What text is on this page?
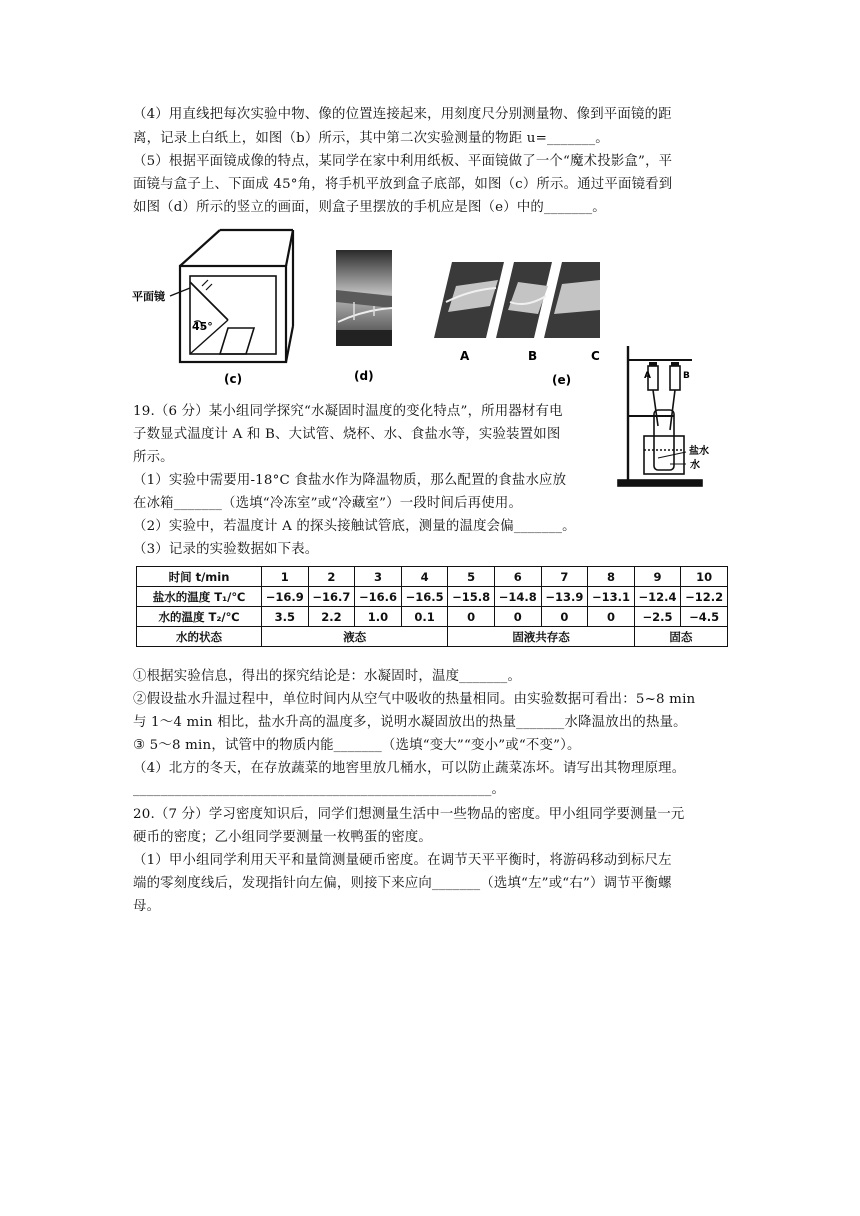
（4）用直线把每次实验中物、像的位置连接起来，用刻度尺分别测量物、像到平面镜的距
离，记录上白纸上，如图（b）所示，其中第二次实验测量的物距 u=_______。
（5）根据平面镜成像的特点，某同学在家中利用纸板、平面镜做了一个“魔术投影盒”，平
面镜与盒子上、下面成 45°角，将手机平放到盒子底部，如图（c）所示。通过平面镜看到
如图（d）所示的竖立的画面，则盒子里摆放的手机应是图（e）中的_______。
平面镜
45°
(c)	(d)
A	B	C
(e)	A	B
盐水
水
19.（6 分）某小组同学探究“水凝固时温度的变化特点”，所用器材有电
子数显式温度计 A 和 B、大试管、烧杯、水、食盐水等，实验装置如图
所示。
（1）实验中需要用-18°C 食盐水作为降温物质，那么配置的食盐水应放
在冰箱_______（选填“冷冻室”或“冷藏室”）一段时间后再使用。
（2）实验中，若温度计 A 的探头接触试管底，测量的温度会偏_______。
（3）记录的实验数据如下表。
时间 t/min	1	2	3	4	5	6	7	8	9	10
盐水的温度 T₁/℃	−16.9	−16.7	−16.6	−16.5	−15.8	−14.8	−13.9	−13.1	−12.4	−12.2
水的温度 T₂/℃	3.5	2.2	1.0	0.1	0	0	0	0	−2.5	−4.5
水的状态	液态				固液共存态				固态	
①根据实验信息，得出的探究结论是：水凝固时，温度_______。
②假设盐水升温过程中，单位时间内从空气中吸收的热量相同。由实验数据可看出：5~8 min
与 1～4 min 相比，盐水升高的温度多，说明水凝固放出的热量_______水降温放出的热量。
③ 5～8 min，试管中的物质内能_______（选填“变大”“变小”或“不变”）。
（4）北方的冬天，在存放蔬菜的地窖里放几桶水，可以防止蔬菜冻坏。请写出其物理原理。
____________________________________________________。
20.（7 分）学习密度知识后，同学们想测量生活中一些物品的密度。甲小组同学要测量一元
硬币的密度；乙小组同学要测量一枚鸭蛋的密度。
（1）甲小组同学利用天平和量筒测量硬币密度。在调节天平平衡时，将游码移动到标尺左
端的零刻度线后，发现指针向左偏，则接下来应向_______（选填“左”或“右”）调节平衡螺
母。
